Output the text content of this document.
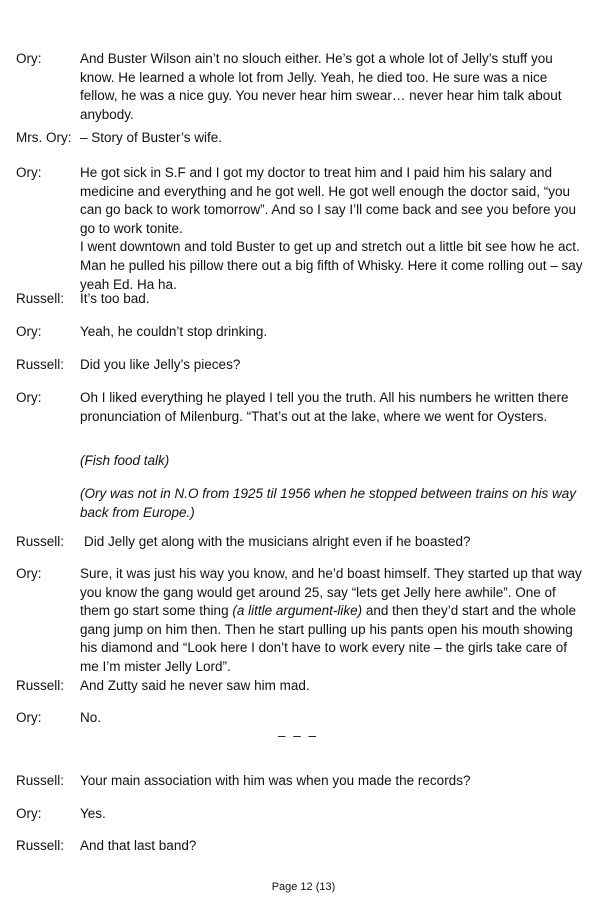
Ory:	And Buster Wilson ain’t no slouch either. He’s got a whole lot of Jelly’s stuff you know. He learned a whole lot from Jelly. Yeah, he died too. He sure was a nice fellow, he was a nice guy. You never hear him swear… never hear him talk about anybody.
Mrs. Ory: – Story of Buster’s wife.
Ory:	He got sick in S.F and I got my doctor to treat him and I paid him his salary and medicine and everything and he got well. He got well enough the doctor said, “you can go back to work tomorrow”. And so I say I’ll come back and see you before you go to work tonite.
I went downtown and told Buster to get up and stretch out a little bit see how he act. Man he pulled his pillow there out a big fifth of Whisky. Here it come rolling out – say yeah Ed. Ha ha.
Russell: It’s too bad.
Ory:	Yeah, he couldn’t stop drinking.
Russell: Did you like Jelly’s pieces?
Ory:	Oh I liked everything he played I tell you the truth. All his numbers he written there pronunciation of Milenburg. “That’s out at the lake, where we went for Oysters.
(Fish food talk)
(Ory was not in N.O from 1925 til 1956 when he stopped between trains on his way back from Europe.)
Russell: Did Jelly get along with the musicians alright even if he boasted?
Ory:	Sure, it was just his way you know, and he’d boast himself. They started up that way you know the gang would get around 25, say “lets get Jelly here awhile”. One of them go start some thing (a little argument-like) and then they’d start and the whole gang jump on him then. Then he start pulling up his pants open his mouth showing his diamond and “Look here I don’t have to work every nite – the girls take care of me I’m mister Jelly Lord”.
Russell: And Zutty said he never saw him mad.
Ory:	No.
– – –
Russell: Your main association with him was when you made the records?
Ory:	Yes.
Russell: And that last band?
Page 12 (13)
